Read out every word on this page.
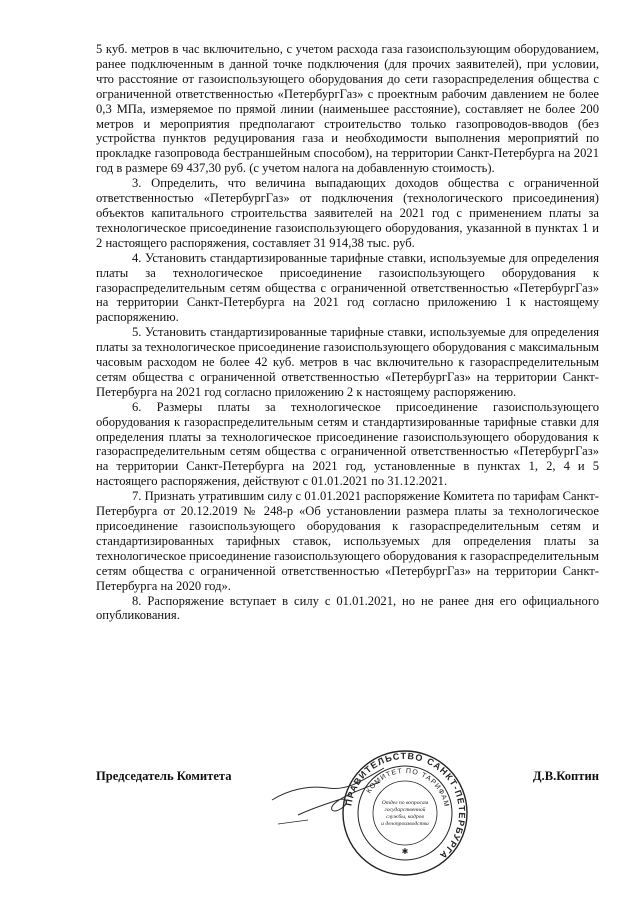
5 куб. метров в час включительно, с учетом расхода газа газоиспользующим оборудованием, ранее подключенным в данной точке подключения (для прочих заявителей), при условии, что расстояние от газоиспользующего оборудования до сети газораспределения общества с ограниченной ответственностью «ПетербургГаз» с проектным рабочим давлением не более 0,3 МПа, измеряемое по прямой линии (наименьшее расстояние), составляет не более 200 метров и мероприятия предполагают строительство только газопроводов-вводов (без устройства пунктов редуцирования газа и необходимости выполнения мероприятий по прокладке газопровода бестраншейным способом), на территории Санкт-Петербурга на 2021 год в размере 69 437,30 руб. (с учетом налога на добавленную стоимость).

3. Определить, что величина выпадающих доходов общества с ограниченной ответственностью «ПетербургГаз» от подключения (технологического присоединения) объектов капитального строительства заявителей на 2021 год с применением платы за технологическое присоединение газоиспользующего оборудования, указанной в пунктах 1 и 2 настоящего распоряжения, составляет 31 914,38 тыс. руб.

4. Установить стандартизированные тарифные ставки, используемые для определения платы за технологическое присоединение газоиспользующего оборудования к газораспределительным сетям общества с ограниченной ответственностью «ПетербургГаз» на территории Санкт-Петербурга на 2021 год согласно приложению 1 к настоящему распоряжению.

5. Установить стандартизированные тарифные ставки, используемые для определения платы за технологическое присоединение газоиспользующего оборудования с максимальным часовым расходом не более 42 куб. метров в час включительно к газораспределительным сетям общества с ограниченной ответственностью «ПетербургГаз» на территории Санкт-Петербурга на 2021 год согласно приложению 2 к настоящему распоряжению.

6. Размеры платы за технологическое присоединение газоиспользующего оборудования к газораспределительным сетям и стандартизированные тарифные ставки для определения платы за технологическое присоединение газоиспользующего оборудования к газораспределительным сетям общества с ограниченной ответственностью «ПетербургГаз» на территории Санкт-Петербурга на 2021 год, установленные в пунктах 1, 2, 4 и 5 настоящего распоряжения, действуют с 01.01.2021 по 31.12.2021.

7. Признать утратившим силу с 01.01.2021 распоряжение Комитета по тарифам Санкт-Петербурга от 20.12.2019 № 248-р «Об установлении размера платы за технологическое присоединение газоиспользующего оборудования к газораспределительным сетям и стандартизированных тарифных ставок, используемых для определения платы за технологическое присоединение газоиспользующего оборудования к газораспределительным сетям общества с ограниченной ответственностью «ПетербургГаз» на территории Санкт-Петербурга на 2020 год».

8. Распоряжение вступает в силу с 01.01.2021, но не ранее дня его официального опубликования.

Председатель Комитета	Д.В.Коптин
ПРАВИТЕЛЬСТВО САНКТ-ПЕТЕРБУРГА
КОМИТЕТ ПО ТАРИФАМ
Отдел по вопросам
государственной
службы, кадров
и делопроизводства
✱
